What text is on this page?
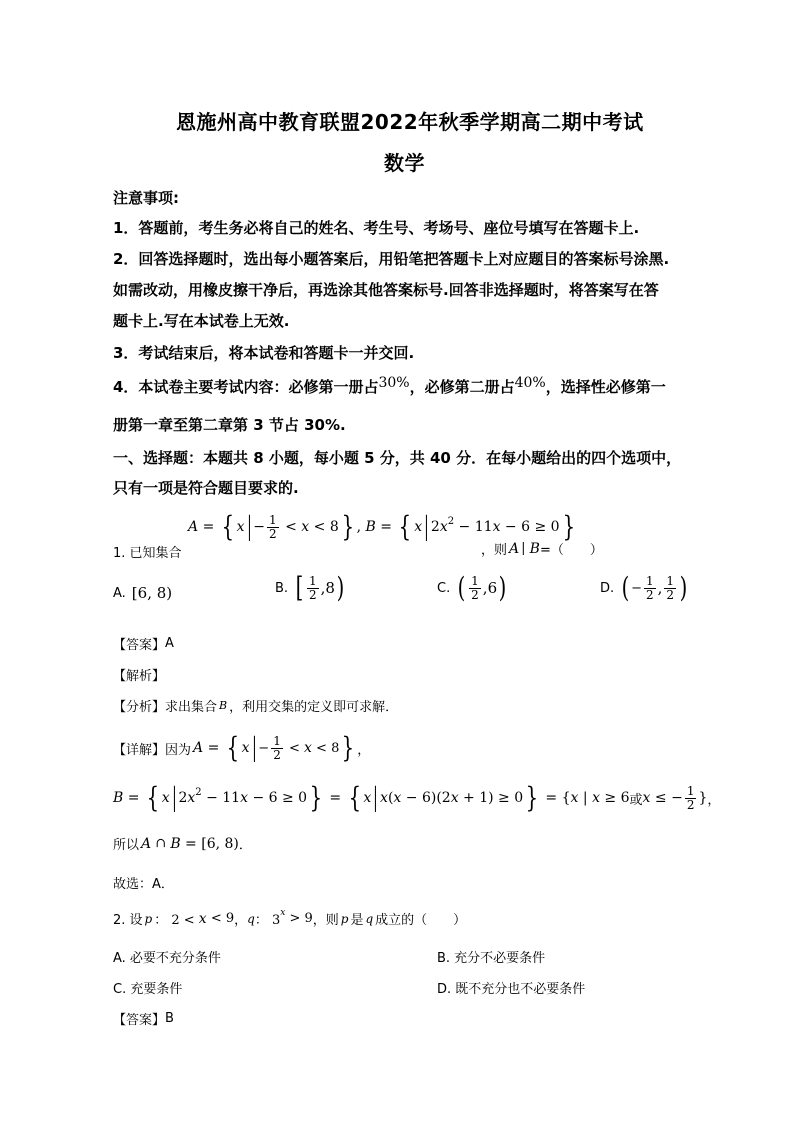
恩施州高中教育联盟2022年秋季学期高二期中考试
数学
注意事项:
1．答题前，考生务必将自己的姓名、考生号、考场号、座位号填写在答题卡上.
2．回答选择题时，选出每小题答案后，用铅笔把答题卡上对应题目的答案标号涂黑.
如需改动，用橡皮擦干净后，再选涂其他答案标号.回答非选择题时，将答案写在答
题卡上.写在本试卷上无效.
3．考试结束后，将本试卷和答题卡一并交回.
4．本试卷主要考试内容：必修第一册占 30% ，必修第二册占 40% ，选择性必修第一
册第一章至第二章第 3 节占 30%.
一、选择题：本题共 8 小题，每小题 5 分，共 40 分．在每小题给出的四个选项中，
只有一项是符合题目要求的.
1. 已知集合
A = { x | − $\frac{1}{2} < x < 8$ } , B = { x | 2 x 2 − 11 x − 6 ≥ 0 }
，则 A | B =（　　）
A. [6, 8)	B. [ $\frac{1}{2} ,8$ )	C. ( $\frac{1}{2} ,6$ )	D. ( − $\frac{1}{2}$ , $\frac{1}{2}$ )
【答案】 A
【解析】
【分析】 求出集合 B ，利用交集的定义即可求解．
【详解】 因为 A = { x | − $\frac{1}{2} < x < 8$ } ，
B = { x | 2 x 2 − 11 x − 6 ≥ 0 } = { x | x ( x − 6)(2 x + 1) ≥ 0 } = { x | x ≥ 6 或 x ≤ − $\frac{1}{2}$ } ，
所以 A ∩ B = [6, 8) ．
故选：A．
2. 设 p ： 2 < x < 9 ， q ： 3
x > 9 ，则 p 是 q 成立的（　　）
A. 必要不充分条件	B. 充分不必要条件
C. 充要条件	D. 既不充分也不必要条件
【答案】 B
